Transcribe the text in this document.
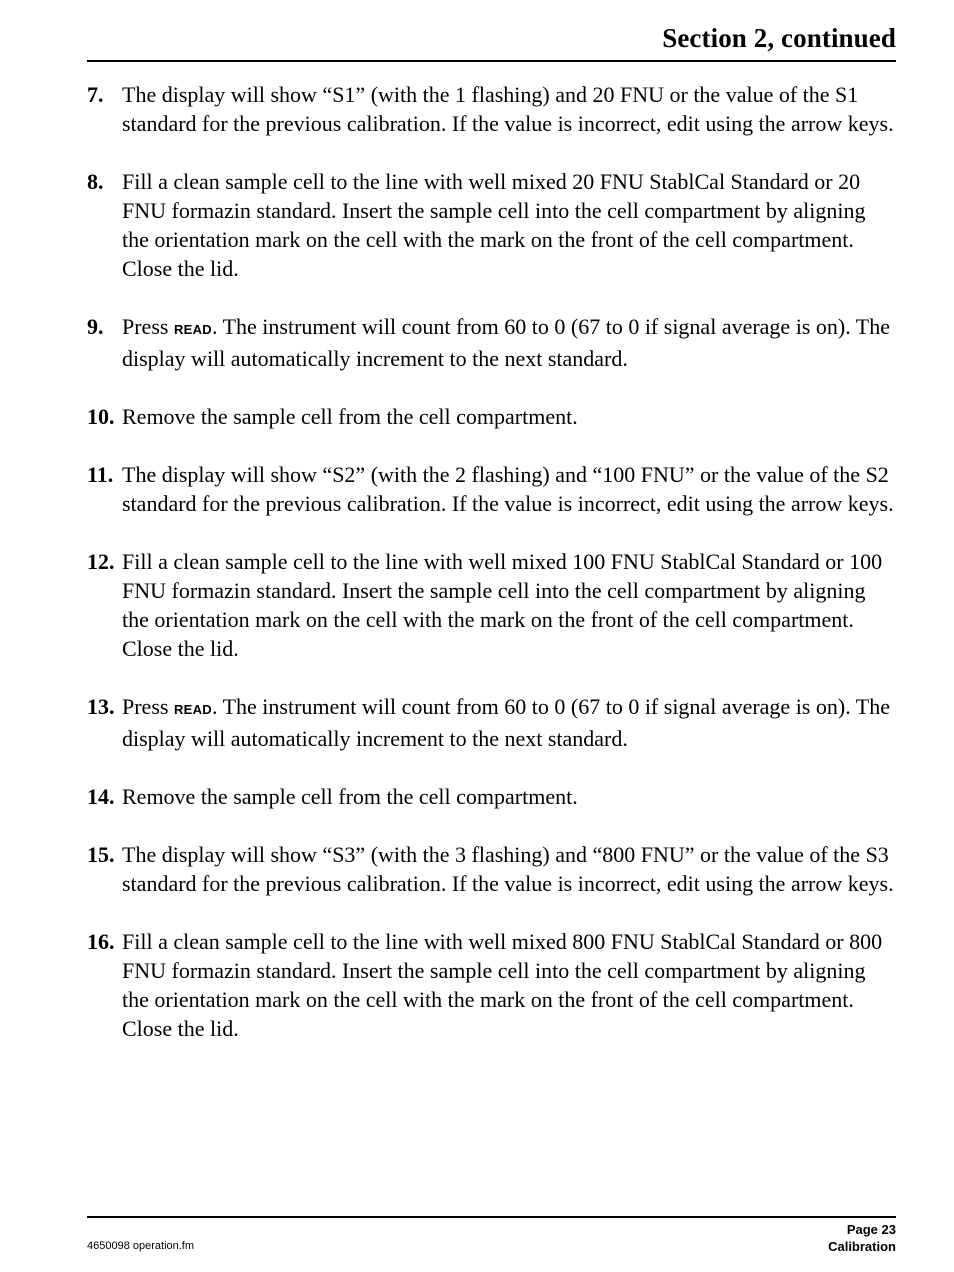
Section 2, continued
7. The display will show “S1” (with the 1 flashing) and 20 FNU or the value of the S1 standard for the previous calibration. If the value is incorrect, edit using the arrow keys.
8. Fill a clean sample cell to the line with well mixed 20 FNU StablCal Standard or 20 FNU formazin standard. Insert the sample cell into the cell compartment by aligning the orientation mark on the cell with the mark on the front of the cell compartment. Close the lid.
9. Press READ. The instrument will count from 60 to 0 (67 to 0 if signal average is on). The display will automatically increment to the next standard.
10. Remove the sample cell from the cell compartment.
11. The display will show “S2” (with the 2 flashing) and “100 FNU” or the value of the S2 standard for the previous calibration. If the value is incorrect, edit using the arrow keys.
12. Fill a clean sample cell to the line with well mixed 100 FNU StablCal Standard or 100 FNU formazin standard. Insert the sample cell into the cell compartment by aligning the orientation mark on the cell with the mark on the front of the cell compartment. Close the lid.
13. Press READ. The instrument will count from 60 to 0 (67 to 0 if signal average is on). The display will automatically increment to the next standard.
14. Remove the sample cell from the cell compartment.
15. The display will show “S3” (with the 3 flashing) and “800 FNU” or the value of the S3 standard for the previous calibration. If the value is incorrect, edit using the arrow keys.
16. Fill a clean sample cell to the line with well mixed 800 FNU StablCal Standard or 800 FNU formazin standard. Insert the sample cell into the cell compartment by aligning the orientation mark on the cell with the mark on the front of the cell compartment. Close the lid.
4650098 operation.fm
Page 23
Calibration
